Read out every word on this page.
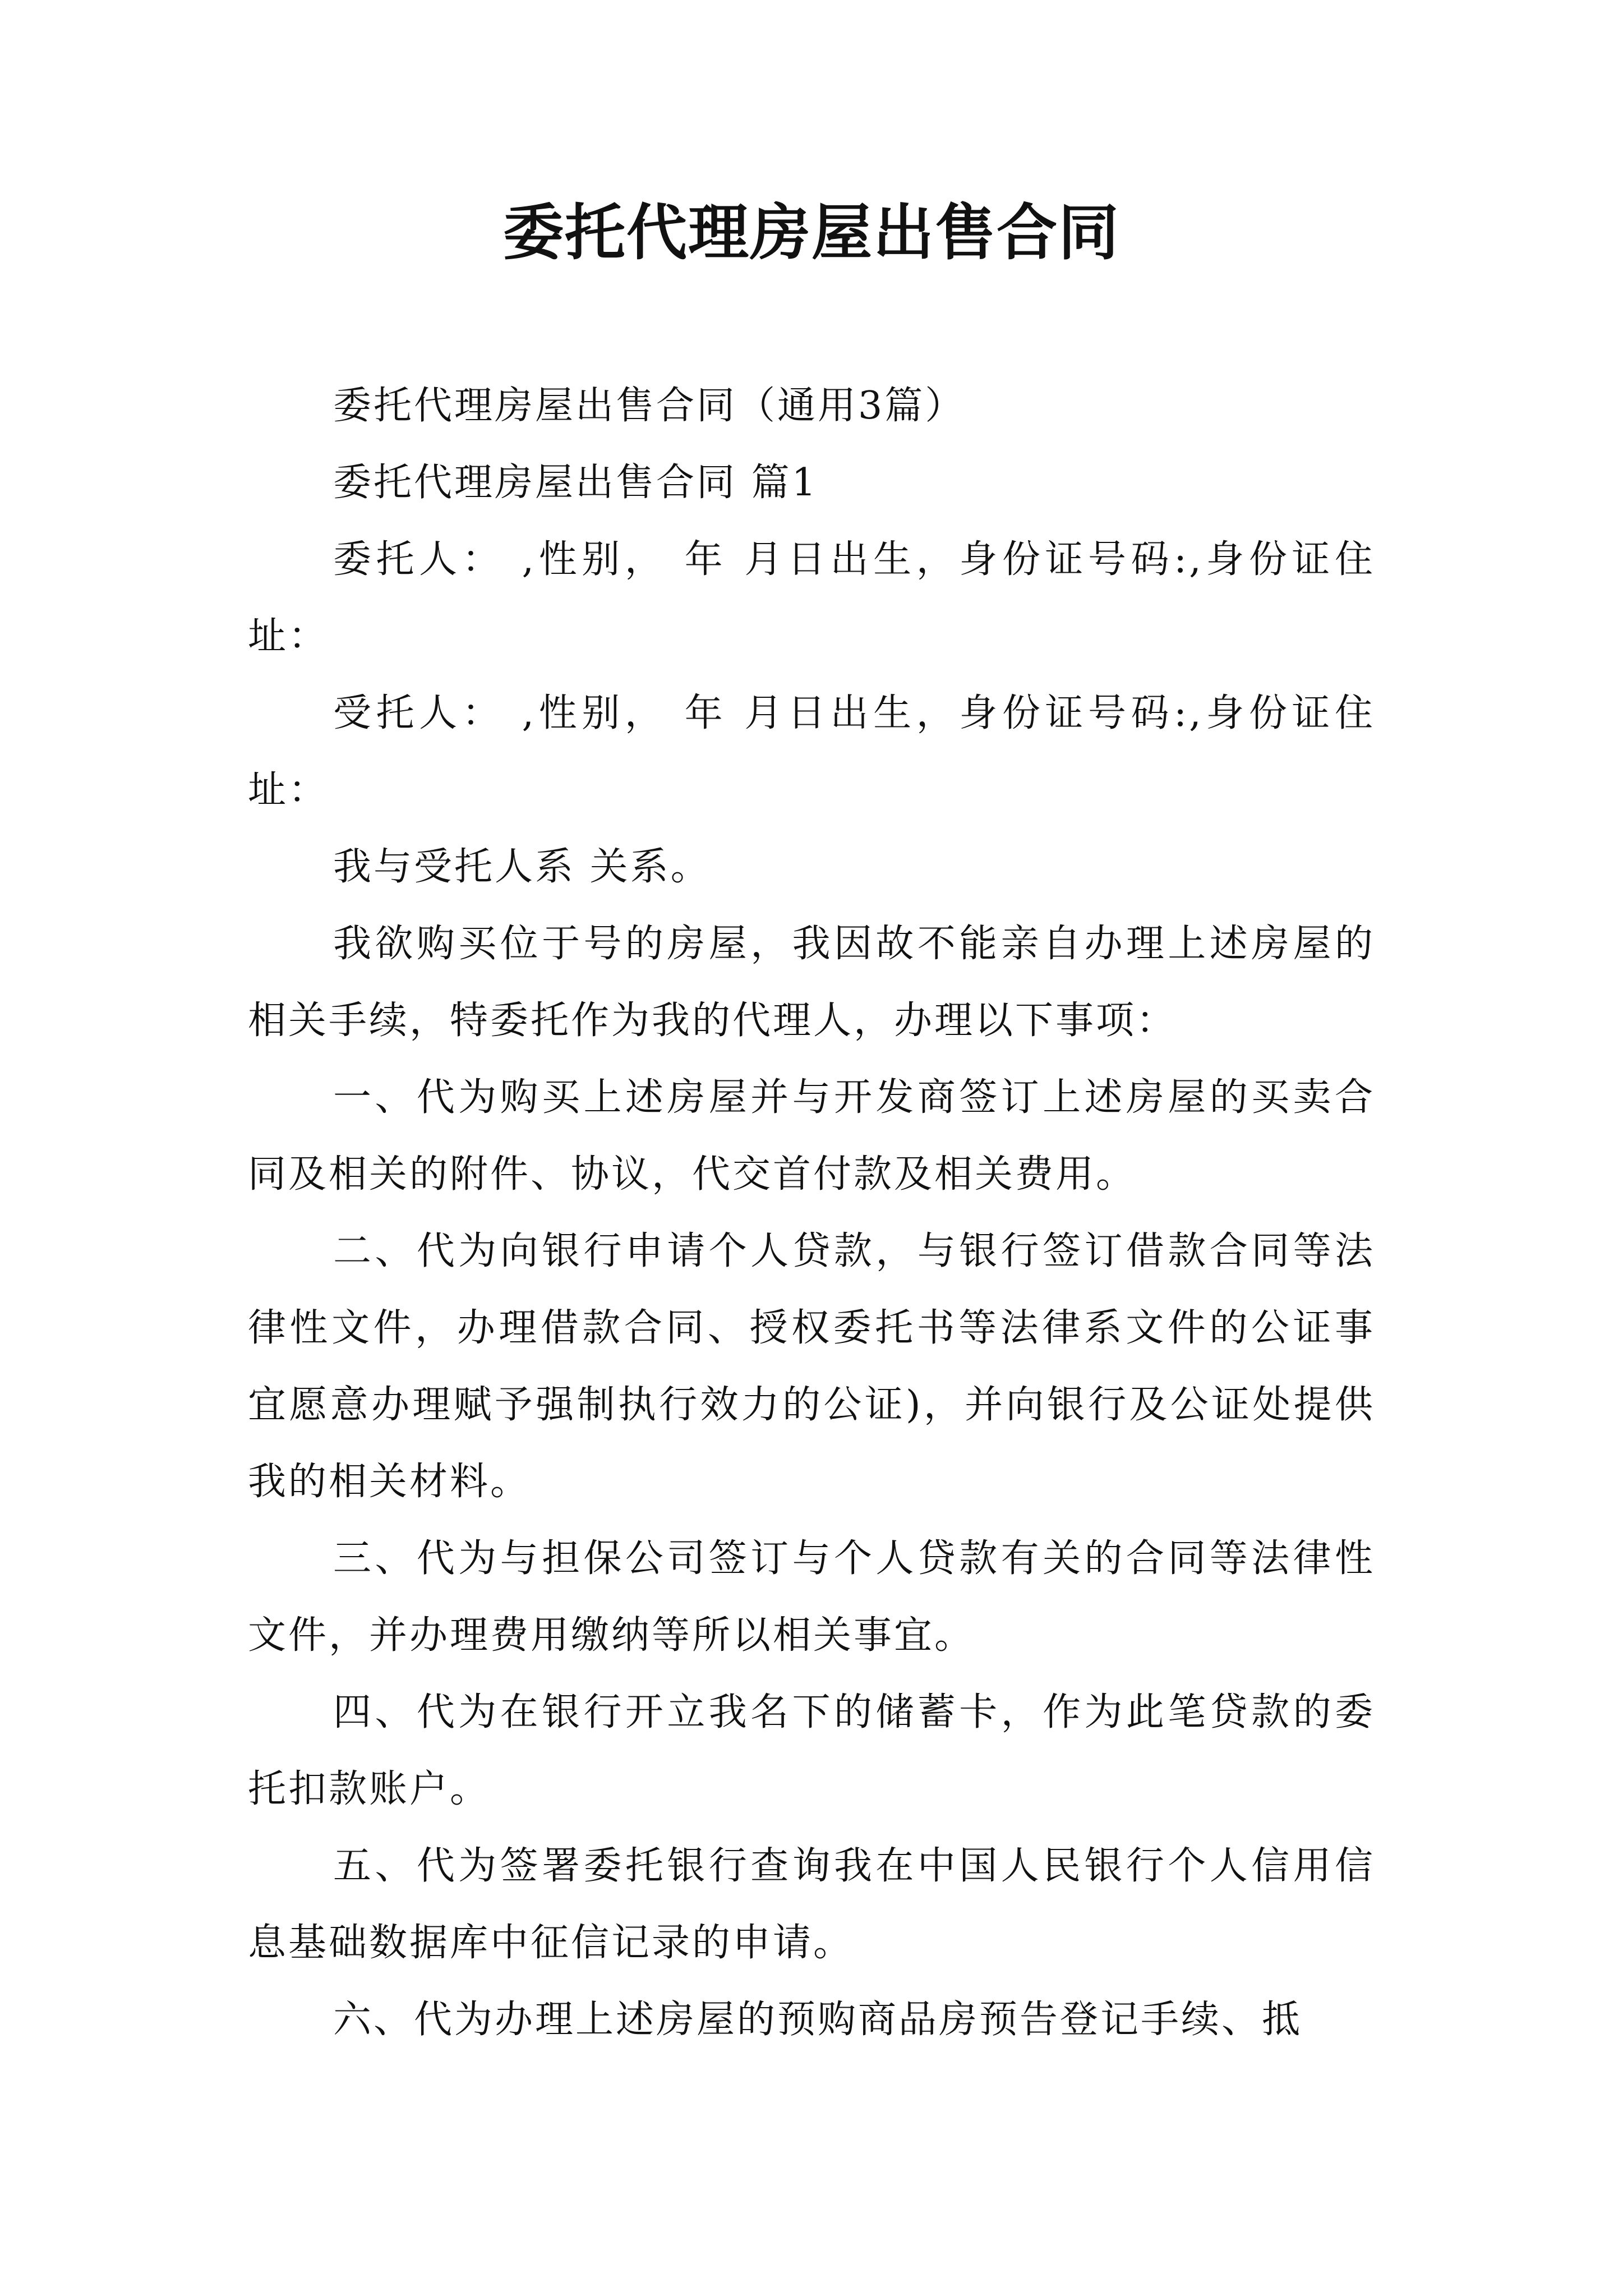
委托代理房屋出售合同

委托代理房屋出售合同（通用3篇）

委托代理房屋出售合同 篇1

委托人： ,性别， 年 月日出生，身份证号码:,身份证住址：

受托人： ,性别， 年 月日出生，身份证号码:,身份证住址：

我与受托人系 关系。

我欲购买位于号的房屋，我因故不能亲自办理上述房屋的相关手续，特委托作为我的代理人，办理以下事项：

一、代为购买上述房屋并与开发商签订上述房屋的买卖合同及相关的附件、协议，代交首付款及相关费用。

二、代为向银行申请个人贷款，与银行签订借款合同等法律性文件，办理借款合同、授权委托书等法律系文件的公证事宜愿意办理赋予强制执行效力的公证)，并向银行及公证处提供我的相关材料。

三、代为与担保公司签订与个人贷款有关的合同等法律性文件，并办理费用缴纳等所以相关事宜。

四、代为在银行开立我名下的储蓄卡，作为此笔贷款的委托扣款账户。

五、代为签署委托银行查询我在中国人民银行个人信用信息基础数据库中征信记录的申请。

六、代为办理上述房屋的预购商品房预告登记手续、抵
